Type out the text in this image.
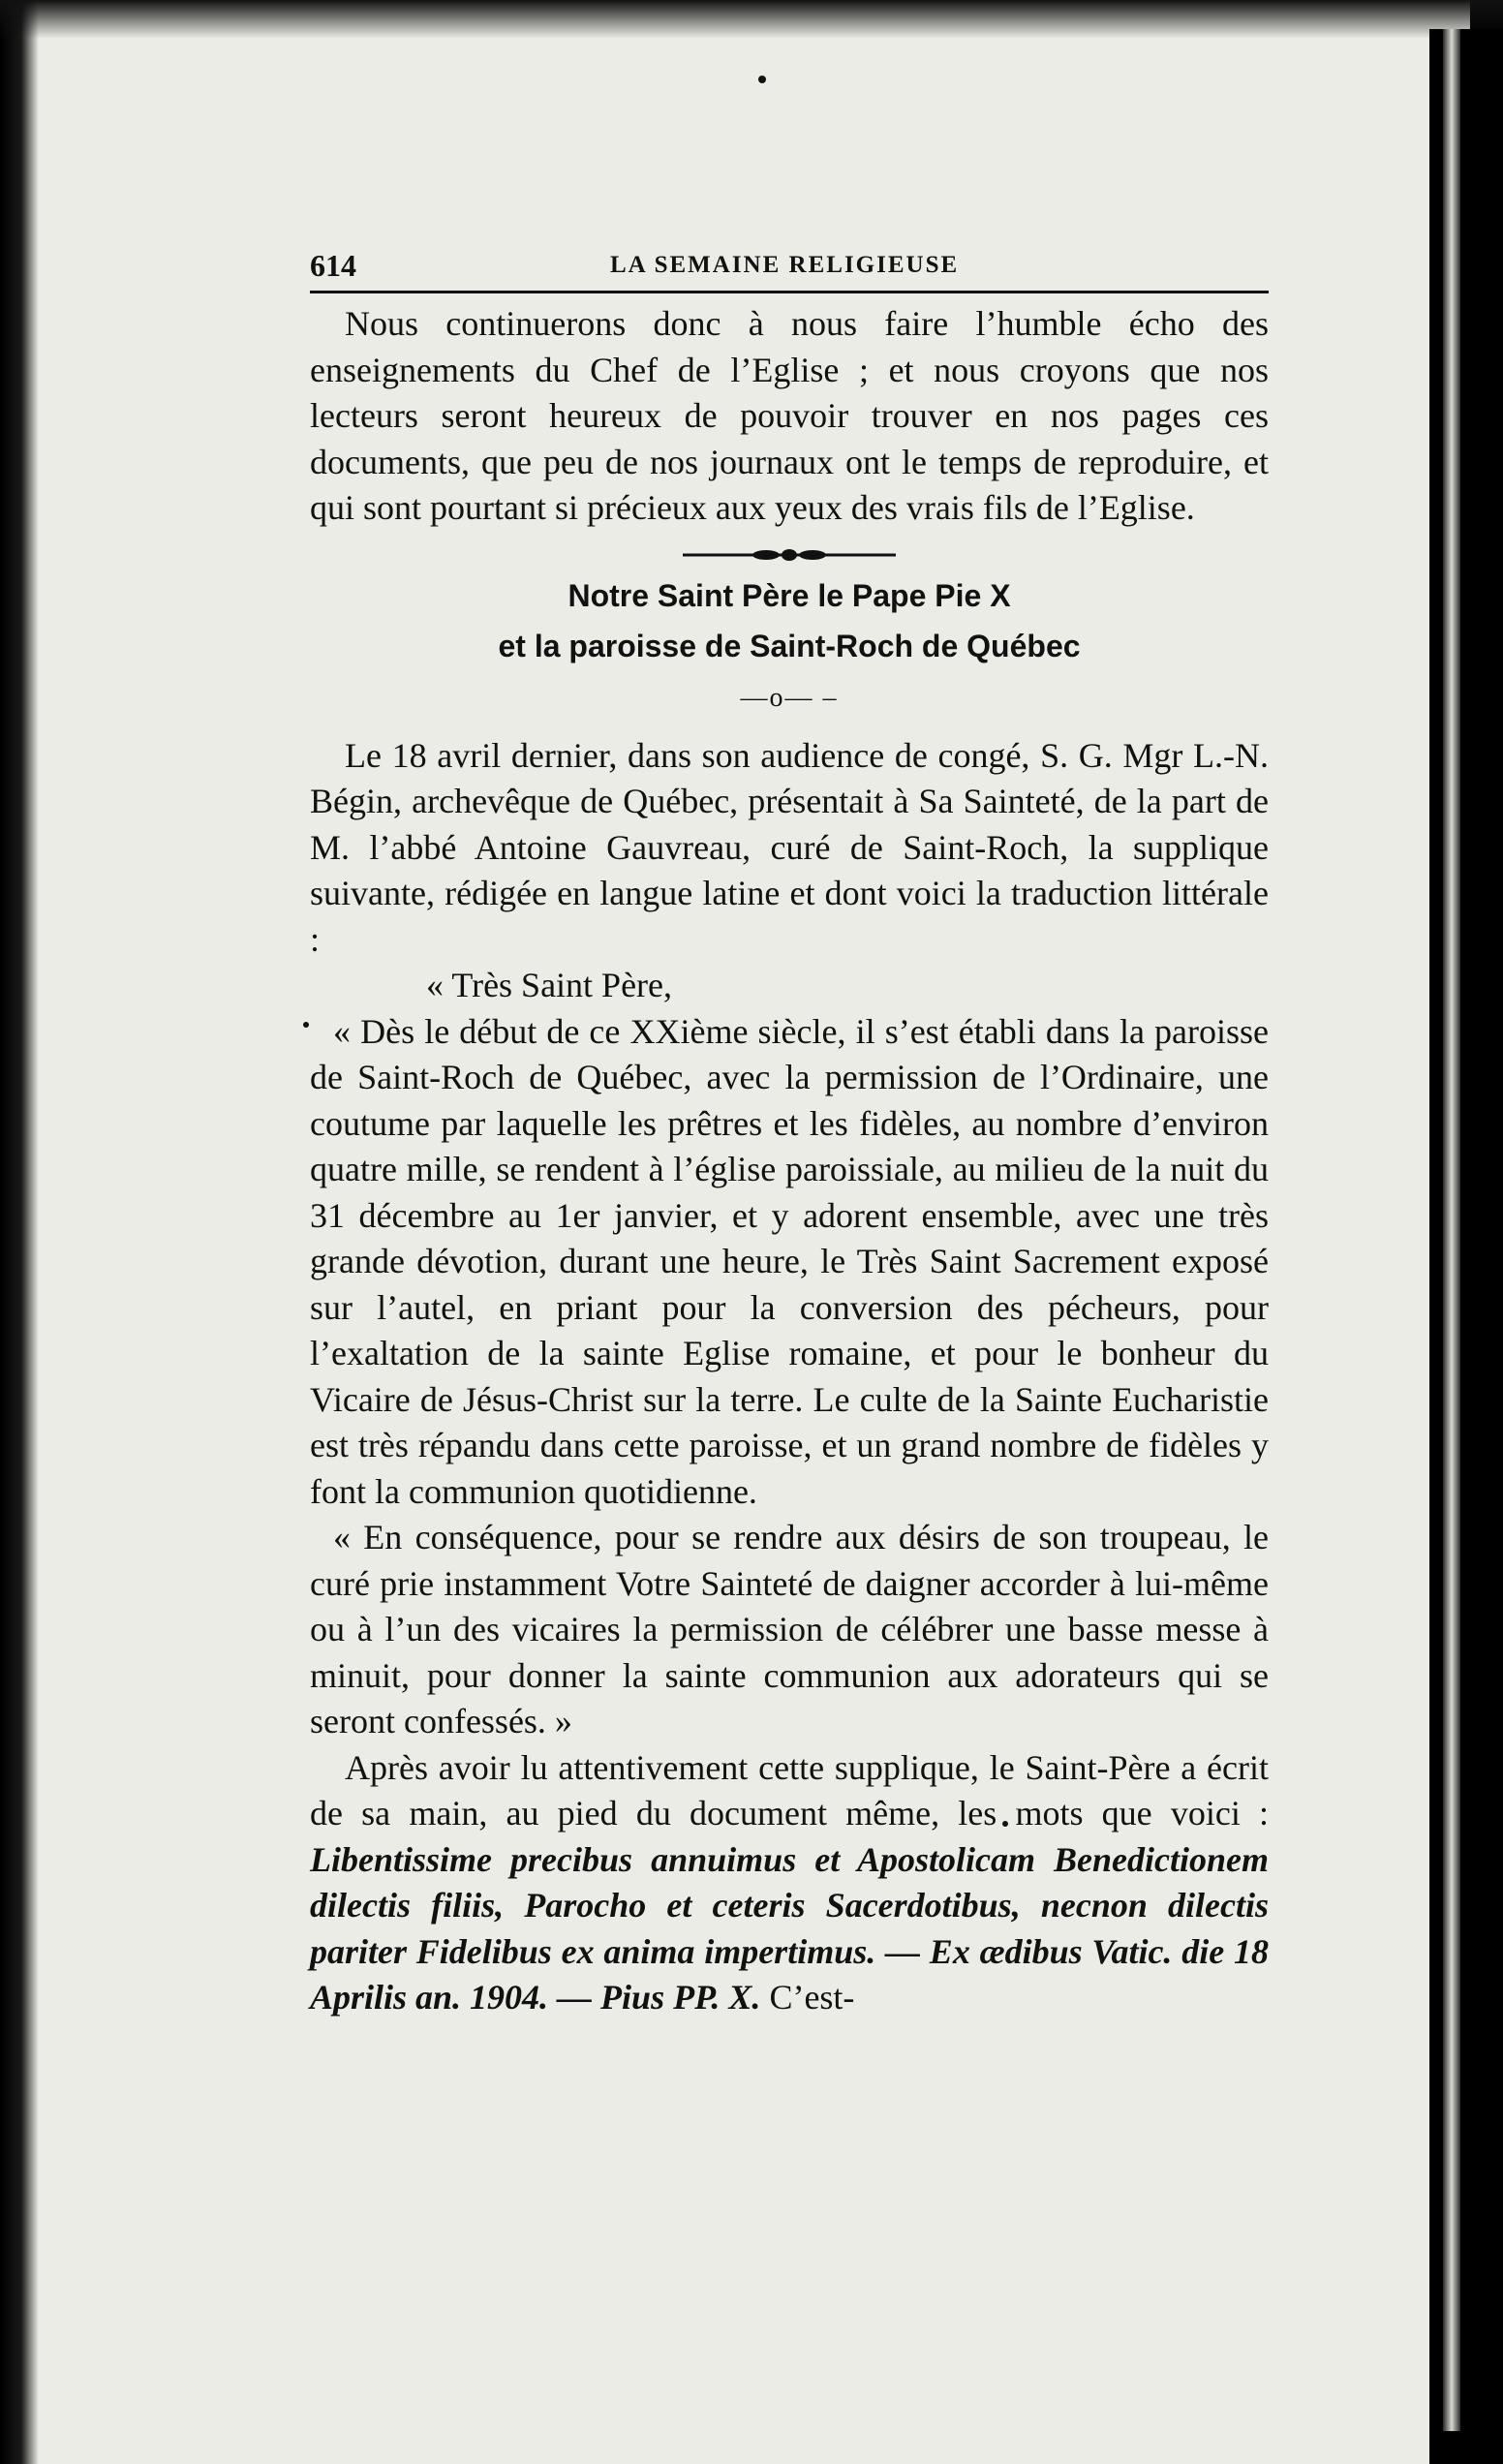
614	LA SEMAINE RELIGIEUSE

Nous continuerons donc à nous faire l’humble écho des enseignements du Chef de l’Eglise ; et nous croyons que nos lecteurs seront heureux de pouvoir trouver en nos pages ces documents, que peu de nos journaux ont le temps de reproduire, et qui sont pourtant si précieux aux yeux des vrais fils de l’Eglise.

Notre Saint Père le Pape Pie X
et la paroisse de Saint-Roch de Québec
—o— –

Le 18 avril dernier, dans son audience de congé, S. G. Mgr L.-N. Bégin, archevêque de Québec, présentait à Sa Sainteté, de la part de M. l’abbé Antoine Gauvreau, curé de Saint-Roch, la supplique suivante, rédigée en langue latine et dont voici la traduction littérale :

« Très Saint Père,

« Dès le début de ce XXième siècle, il s’est établi dans la paroisse de Saint-Roch de Québec, avec la permission de l’Ordinaire, une coutume par laquelle les prêtres et les fidèles, au nombre d’environ quatre mille, se rendent à l’église paroissiale, au milieu de la nuit du 31 décembre au 1er janvier, et y adorent ensemble, avec une très grande dévotion, durant une heure, le Très Saint Sacrement exposé sur l’autel, en priant pour la conversion des pécheurs, pour l’exaltation de la sainte Eglise romaine, et pour le bonheur du Vicaire de Jésus-Christ sur la terre. Le culte de la Sainte Eucharistie est très répandu dans cette paroisse, et un grand nombre de fidèles y font la communion quotidienne.

« En conséquence, pour se rendre aux désirs de son troupeau, le curé prie instamment Votre Sainteté de daigner accorder à lui-même ou à l’un des vicaires la permission de célébrer une basse messe à minuit, pour donner la sainte communion aux adorateurs qui se seront confessés. »

Après avoir lu attentivement cette supplique, le Saint-Père a écrit de sa main, au pied du document même, les mots que voici : Libentissime precibus annuimus et Apostolicam Benedictionem dilectis filiis, Parocho et ceteris Sacerdotibus, necnon dilectis pariter Fidelibus ex anima impertimus. — Ex ædibus Vatic. die 18 Aprilis an. 1904. — Pius PP. X. C’est-
